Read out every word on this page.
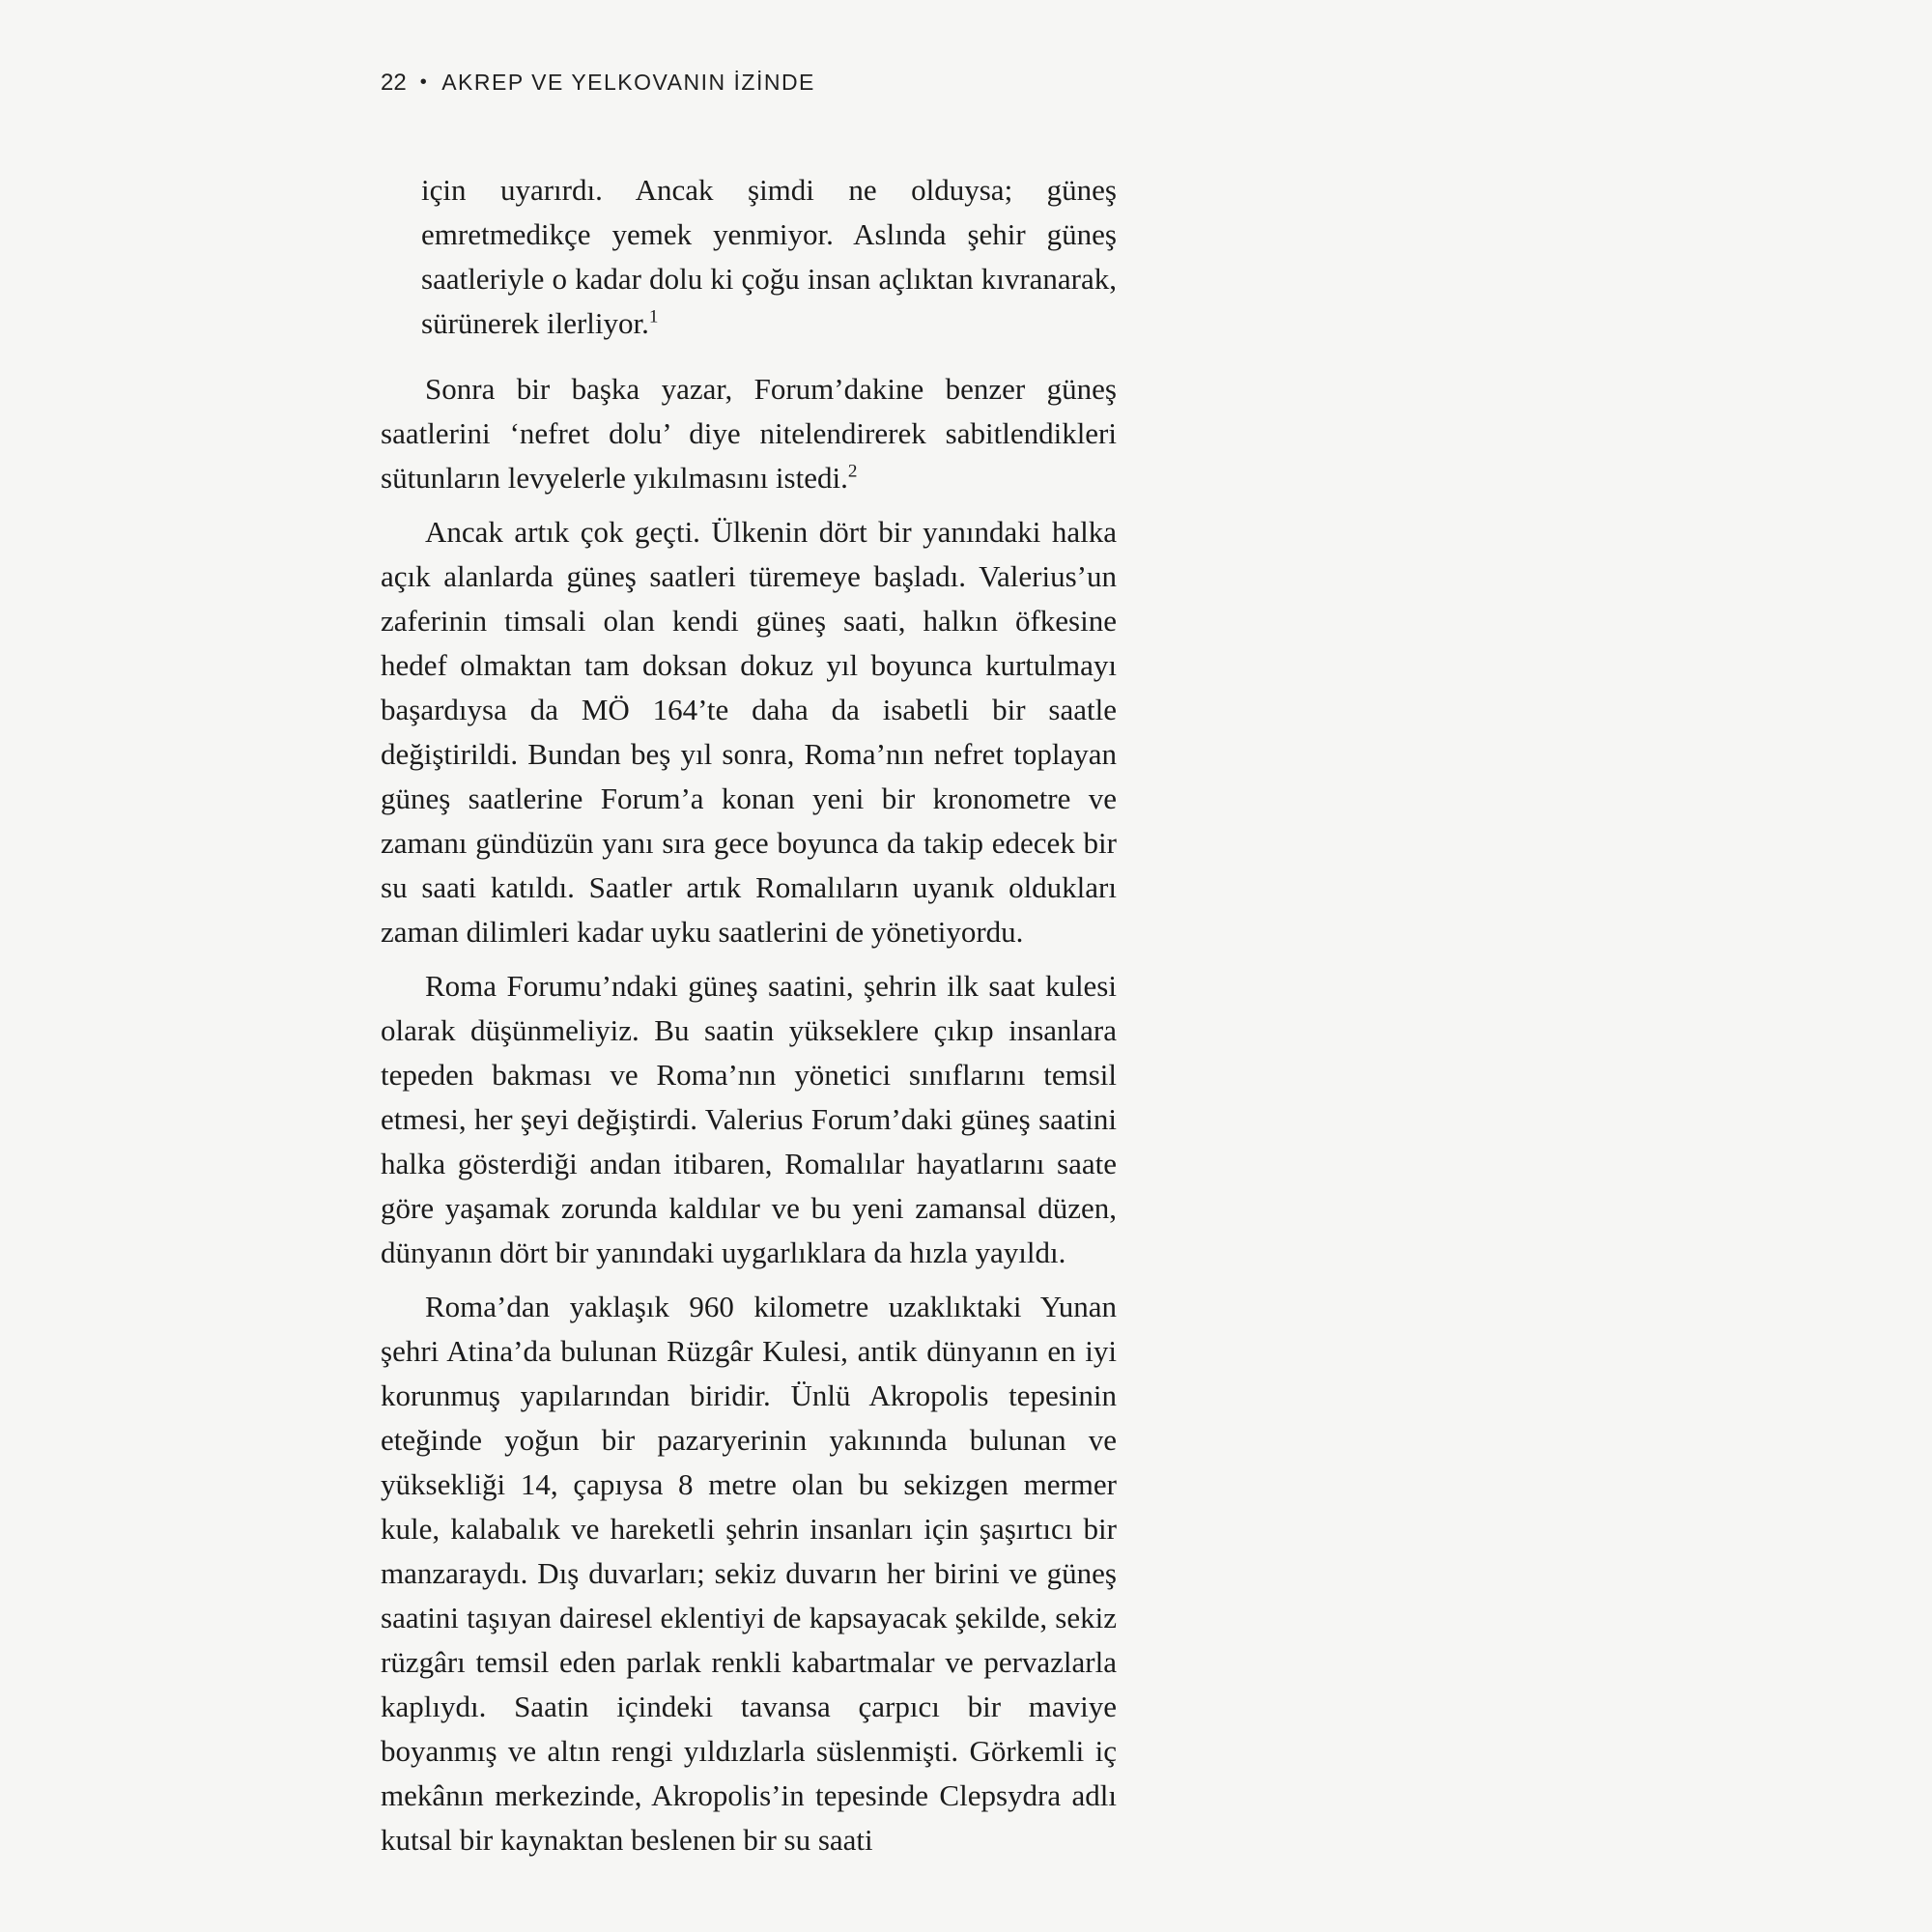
22 • AKREP VE YELKOVANIN İZİNDE

için uyarırdı. Ancak şimdi ne olduysa; güneş emretmedikçe yemek yenmiyor. Aslında şehir güneş saatleriyle o kadar dolu ki çoğu insan açlıktan kıvranarak, sürünerek ilerliyor.$^1$

Sonra bir başka yazar, Forum’dakine benzer güneş saatlerini ‘nefret dolu’ diye nitelendirerek sabitlendikleri sütunların levyelerle yıkılmasını istedi.$^2$

Ancak artık çok geçti. Ülkenin dört bir yanındaki halka açık alanlarda güneş saatleri türemeye başladı. Valerius’un zaferinin timsali olan kendi güneş saati, halkın öfkesine hedef olmaktan tam doksan dokuz yıl boyunca kurtulmayı başardıysa da MÖ 164’te daha da isabetli bir saatle değiştirildi. Bundan beş yıl sonra, Roma’nın nefret toplayan güneş saatlerine Forum’a konan yeni bir kronometre ve zamanı gündüzün yanı sıra gece boyunca da takip edecek bir su saati katıldı. Saatler artık Romalıların uyanık oldukları zaman dilimleri kadar uyku saatlerini de yönetiyordu.

Roma Forumu’ndaki güneş saatini, şehrin ilk saat kulesi olarak düşünmeliyiz. Bu saatin yükseklere çıkıp insanlara tepeden bakması ve Roma’nın yönetici sınıflarını temsil etmesi, her şeyi değiştirdi. Valerius Forum’daki güneş saatini halka gösterdiği andan itibaren, Romalılar hayatlarını saate göre yaşamak zorunda kaldılar ve bu yeni zamansal düzen, dünyanın dört bir yanındaki uygarlıklara da hızla yayıldı.

Roma’dan yaklaşık 960 kilometre uzaklıktaki Yunan şehri Atina’da bulunan Rüzgâr Kulesi, antik dünyanın en iyi korunmuş yapılarından biridir. Ünlü Akropolis tepesinin eteğinde yoğun bir pazaryerinin yakınında bulunan ve yüksekliği 14, çapıysa 8 metre olan bu sekizgen mermer kule, kalabalık ve hareketli şehrin insanları için şaşırtıcı bir manzaraydı. Dış duvarları; sekiz duvarın her birini ve güneş saatini taşıyan dairesel eklentiyi de kapsayacak şekilde, sekiz rüzgârı temsil eden parlak renkli kabartmalar ve pervazlarla kaplıydı. Saatin içindeki tavansa çarpıcı bir maviye boyanmış ve altın rengi yıldızlarla süslenmişti. Görkemli iç mekânın merkezinde, Akropolis’in tepesinde Clepsydra adlı kutsal bir kaynaktan beslenen bir su saati
